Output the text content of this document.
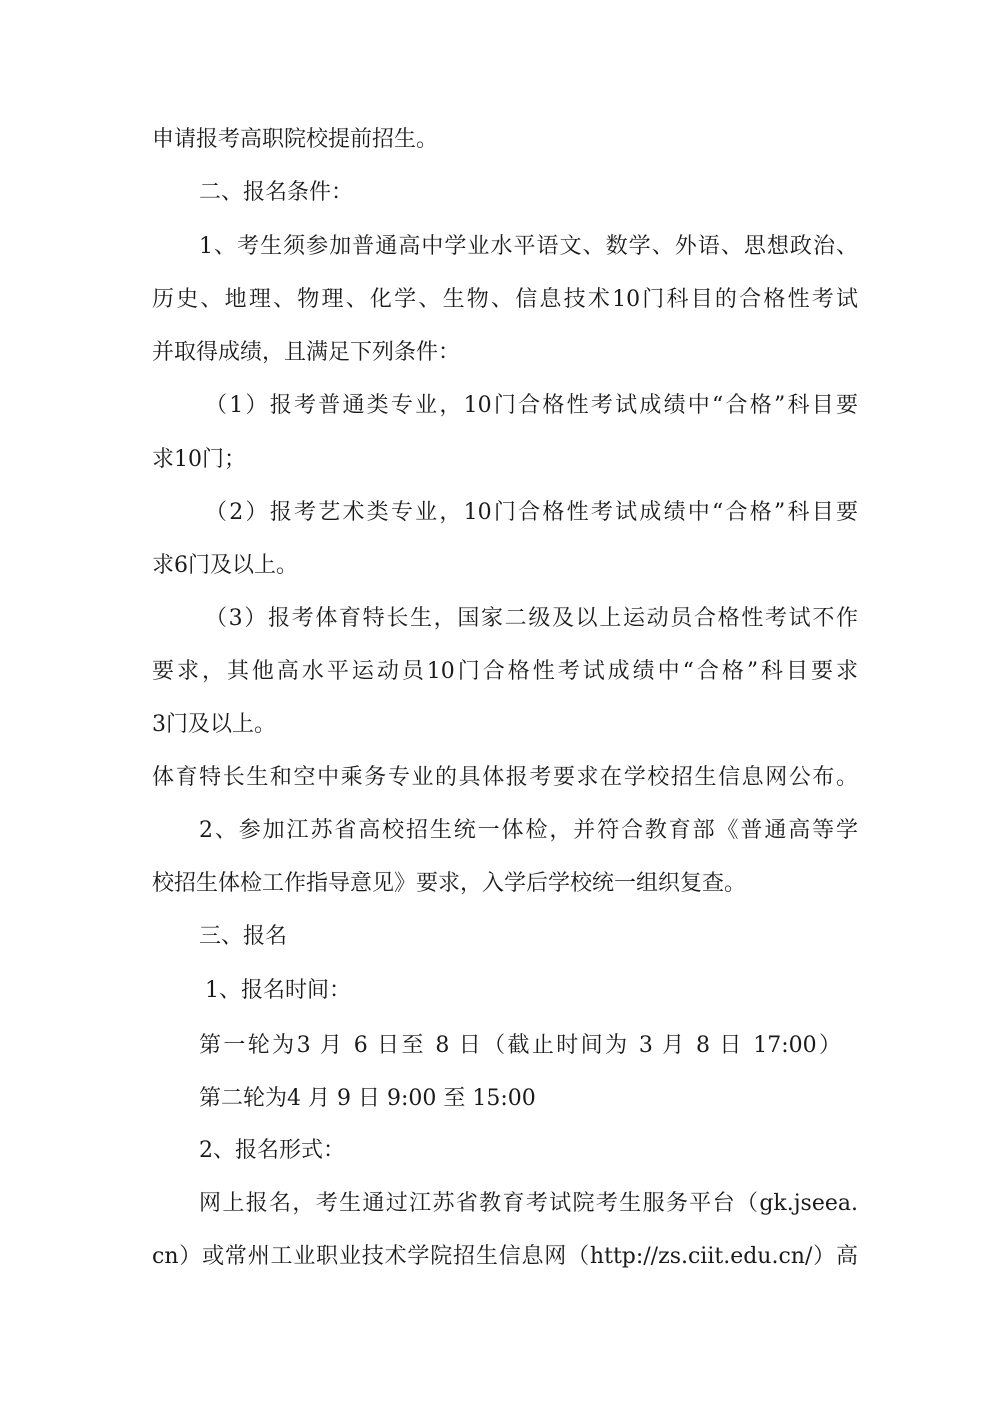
申请报考高职院校提前招生。
二、报名条件：
1、考生须参加普通高中学业水平语文、数学、外语、思想政治、
历史、地理、物理、化学、生物、信息技术10门科目的合格性考试
并取得成绩，且满足下列条件：
（1）报考普通类专业，10门合格性考试成绩中“合格”科目要
求10门；
（2）报考艺术类专业，10门合格性考试成绩中“合格”科目要
求6门及以上。
（3）报考体育特长生，国家二级及以上运动员合格性考试不作
要求，其他高水平运动员10门合格性考试成绩中“合格”科目要求
3门及以上。
体育特长生和空中乘务专业的具体报考要求在学校招生信息网公布。
2、参加江苏省高校招生统一体检，并符合教育部《普通高等学
校招生体检工作指导意见》要求，入学后学校统一组织复查。
三、报名
1、报名时间：
第一轮为3 月 6 日至 8 日（截止时间为 3 月 8 日 17:00）
第二轮为4 月 9 日 9:00 至 15:00
2、报名形式：
网上报名，考生通过江苏省教育考试院考生服务平台（gk.jseea.
cn）或常州工业职业技术学院招生信息网（http://zs.ciit.edu.cn/）高
